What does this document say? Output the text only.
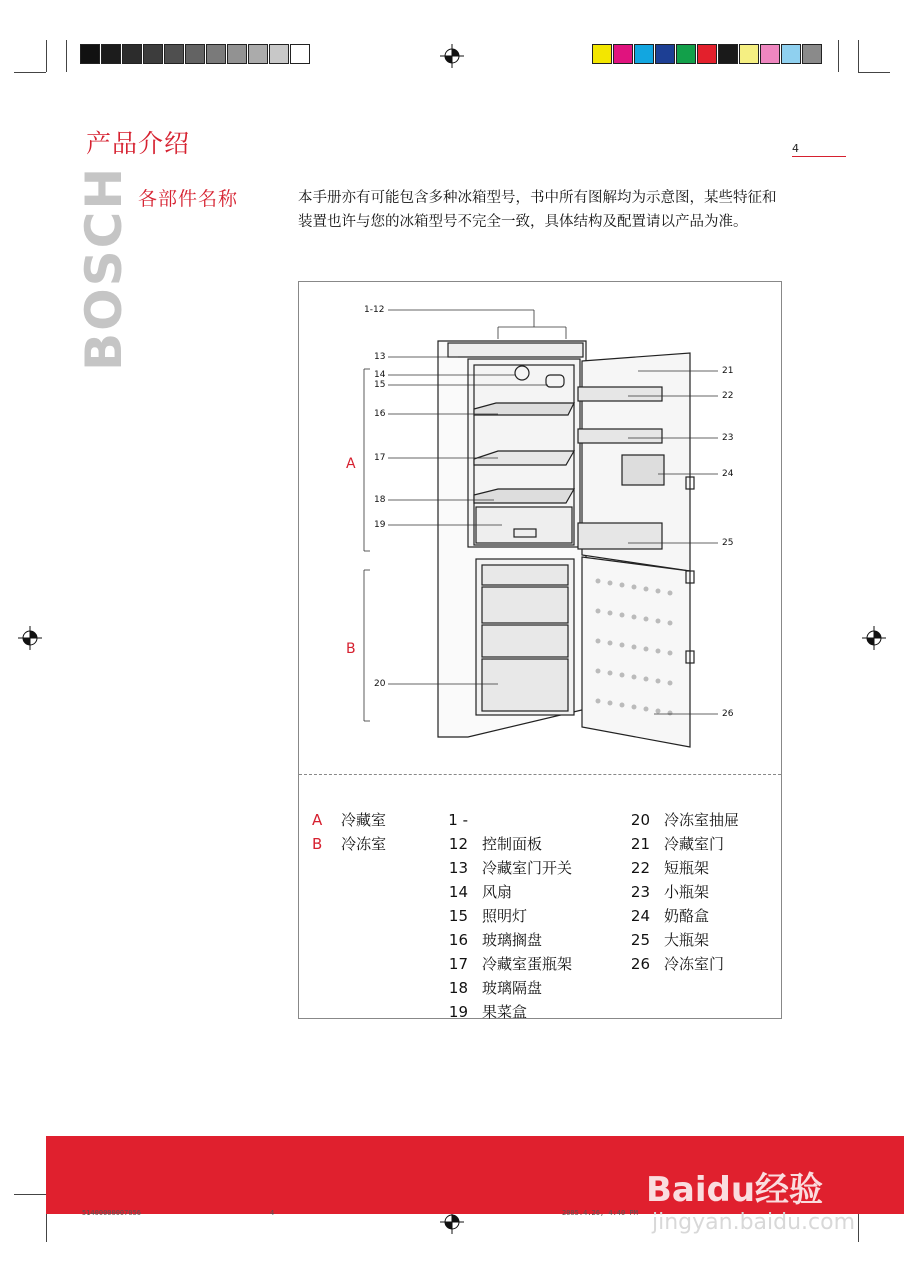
产品介绍	4
BOSCH 各部件名称	本手册亦有可能包含多种冰箱型号，书中所有图解均为示意图，某些特征和装置也许与您的冰箱型号不完全一致，具体结构及配置请以产品为准。
1-12
13
14
15
16
17
18
19
20
21
22
23
24
25
26
A
B
A 冷藏室
B 冷冻室
1 - 12 控制面板
13 冷藏室门开关
14 风扇
15 照明灯
16 玻璃搁盘
17 冷藏室蛋瓶架
18 玻璃隔盘
19 果菜盒
20 冷冻室抽屉
21 冷藏室门
22 短瓶架
23 小瓶架
24 奶酪盒
25 大瓶架
26 冷冻室门
Baidu经验
jingyan.baidu.com
51400000007056	4	2005.4.26, 4:40 PM
